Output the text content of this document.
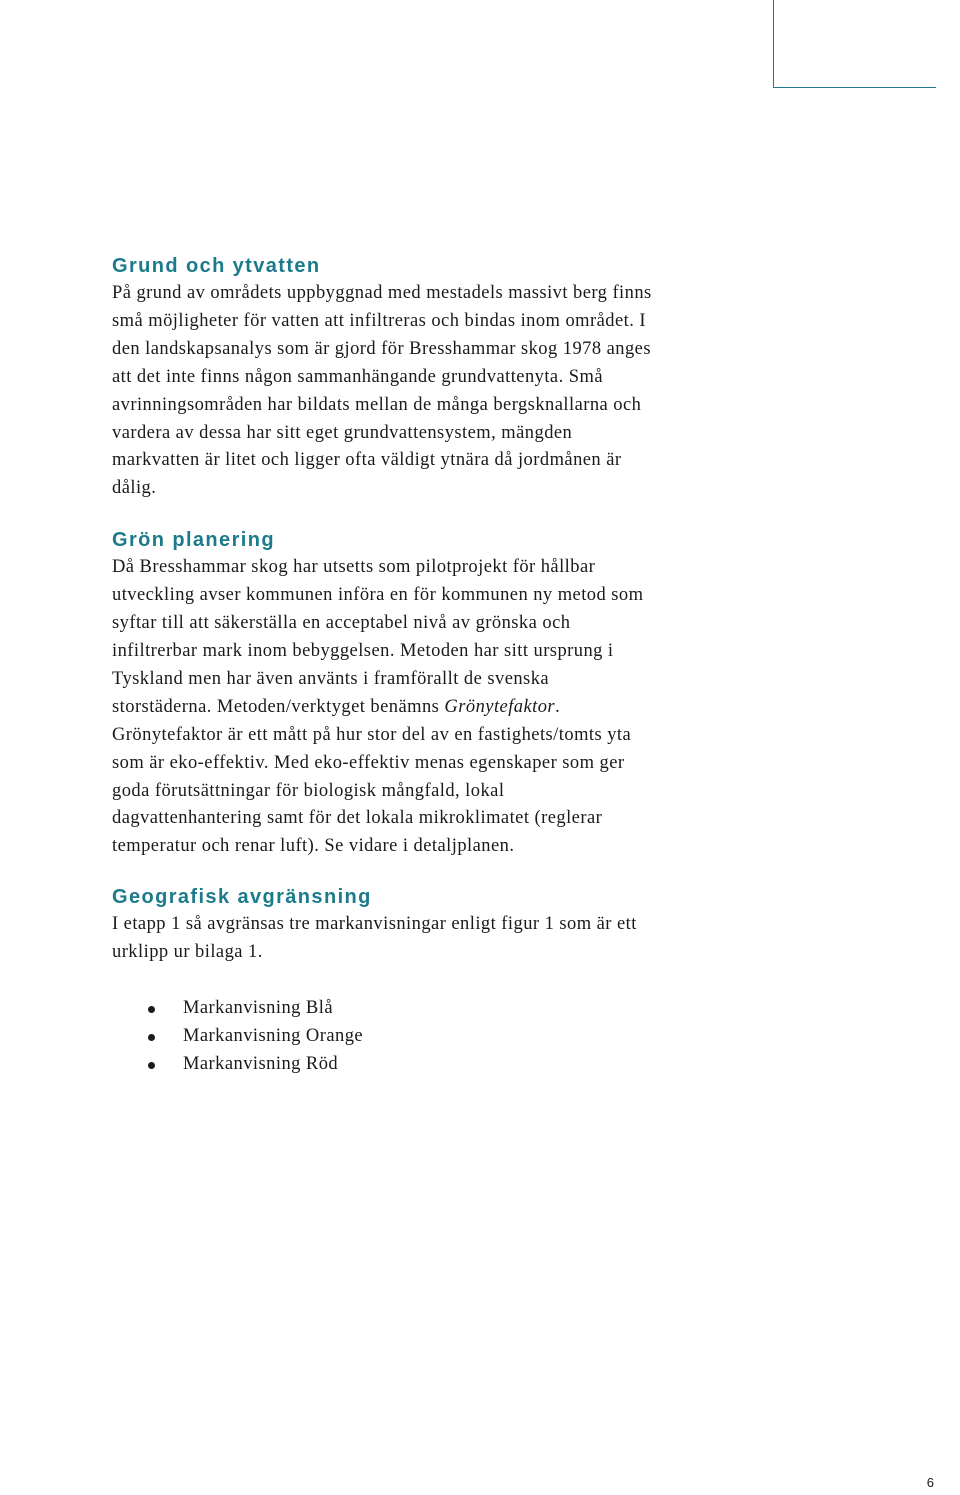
Grund och ytvatten

På grund av områdets uppbyggnad med mestadels massivt berg finns
små möjligheter för vatten att infiltreras och bindas inom området. I
den landskapsanalys som är gjord för Bresshammar skog 1978 anges
att det inte finns någon sammanhängande grundvattenyta. Små
avrinningsområden har bildats mellan de många bergsknallarna och
vardera av dessa har sitt eget grundvattensystem, mängden
markvatten är litet och ligger ofta väldigt ytnära då jordmånen är
dålig.

Grön planering

Då Bresshammar skog har utsetts som pilotprojekt för hållbar
utveckling avser kommunen införa en för kommunen ny metod som
syftar till att säkerställa en acceptabel nivå av grönska och
infiltrerbar mark inom bebyggelsen. Metoden har sitt ursprung i
Tyskland men har även använts i framförallt de svenska
storstäderna. Metoden/verktyget benämns Grönytefaktor.
Grönytefaktor är ett mått på hur stor del av en fastighets/tomts yta
som är eko-effektiv. Med eko-effektiv menas egenskaper som ger
goda förutsättningar för biologisk mångfald, lokal
dagvattenhantering samt för det lokala mikroklimatet (reglerar
temperatur och renar luft). Se vidare i detaljplanen.

Geografisk avgränsning

I etapp 1 så avgränsas tre markanvisningar enligt figur 1 som är ett
urklipp ur bilaga 1.

Markanvisning Blå
Markanvisning Orange
Markanvisning Röd
6
